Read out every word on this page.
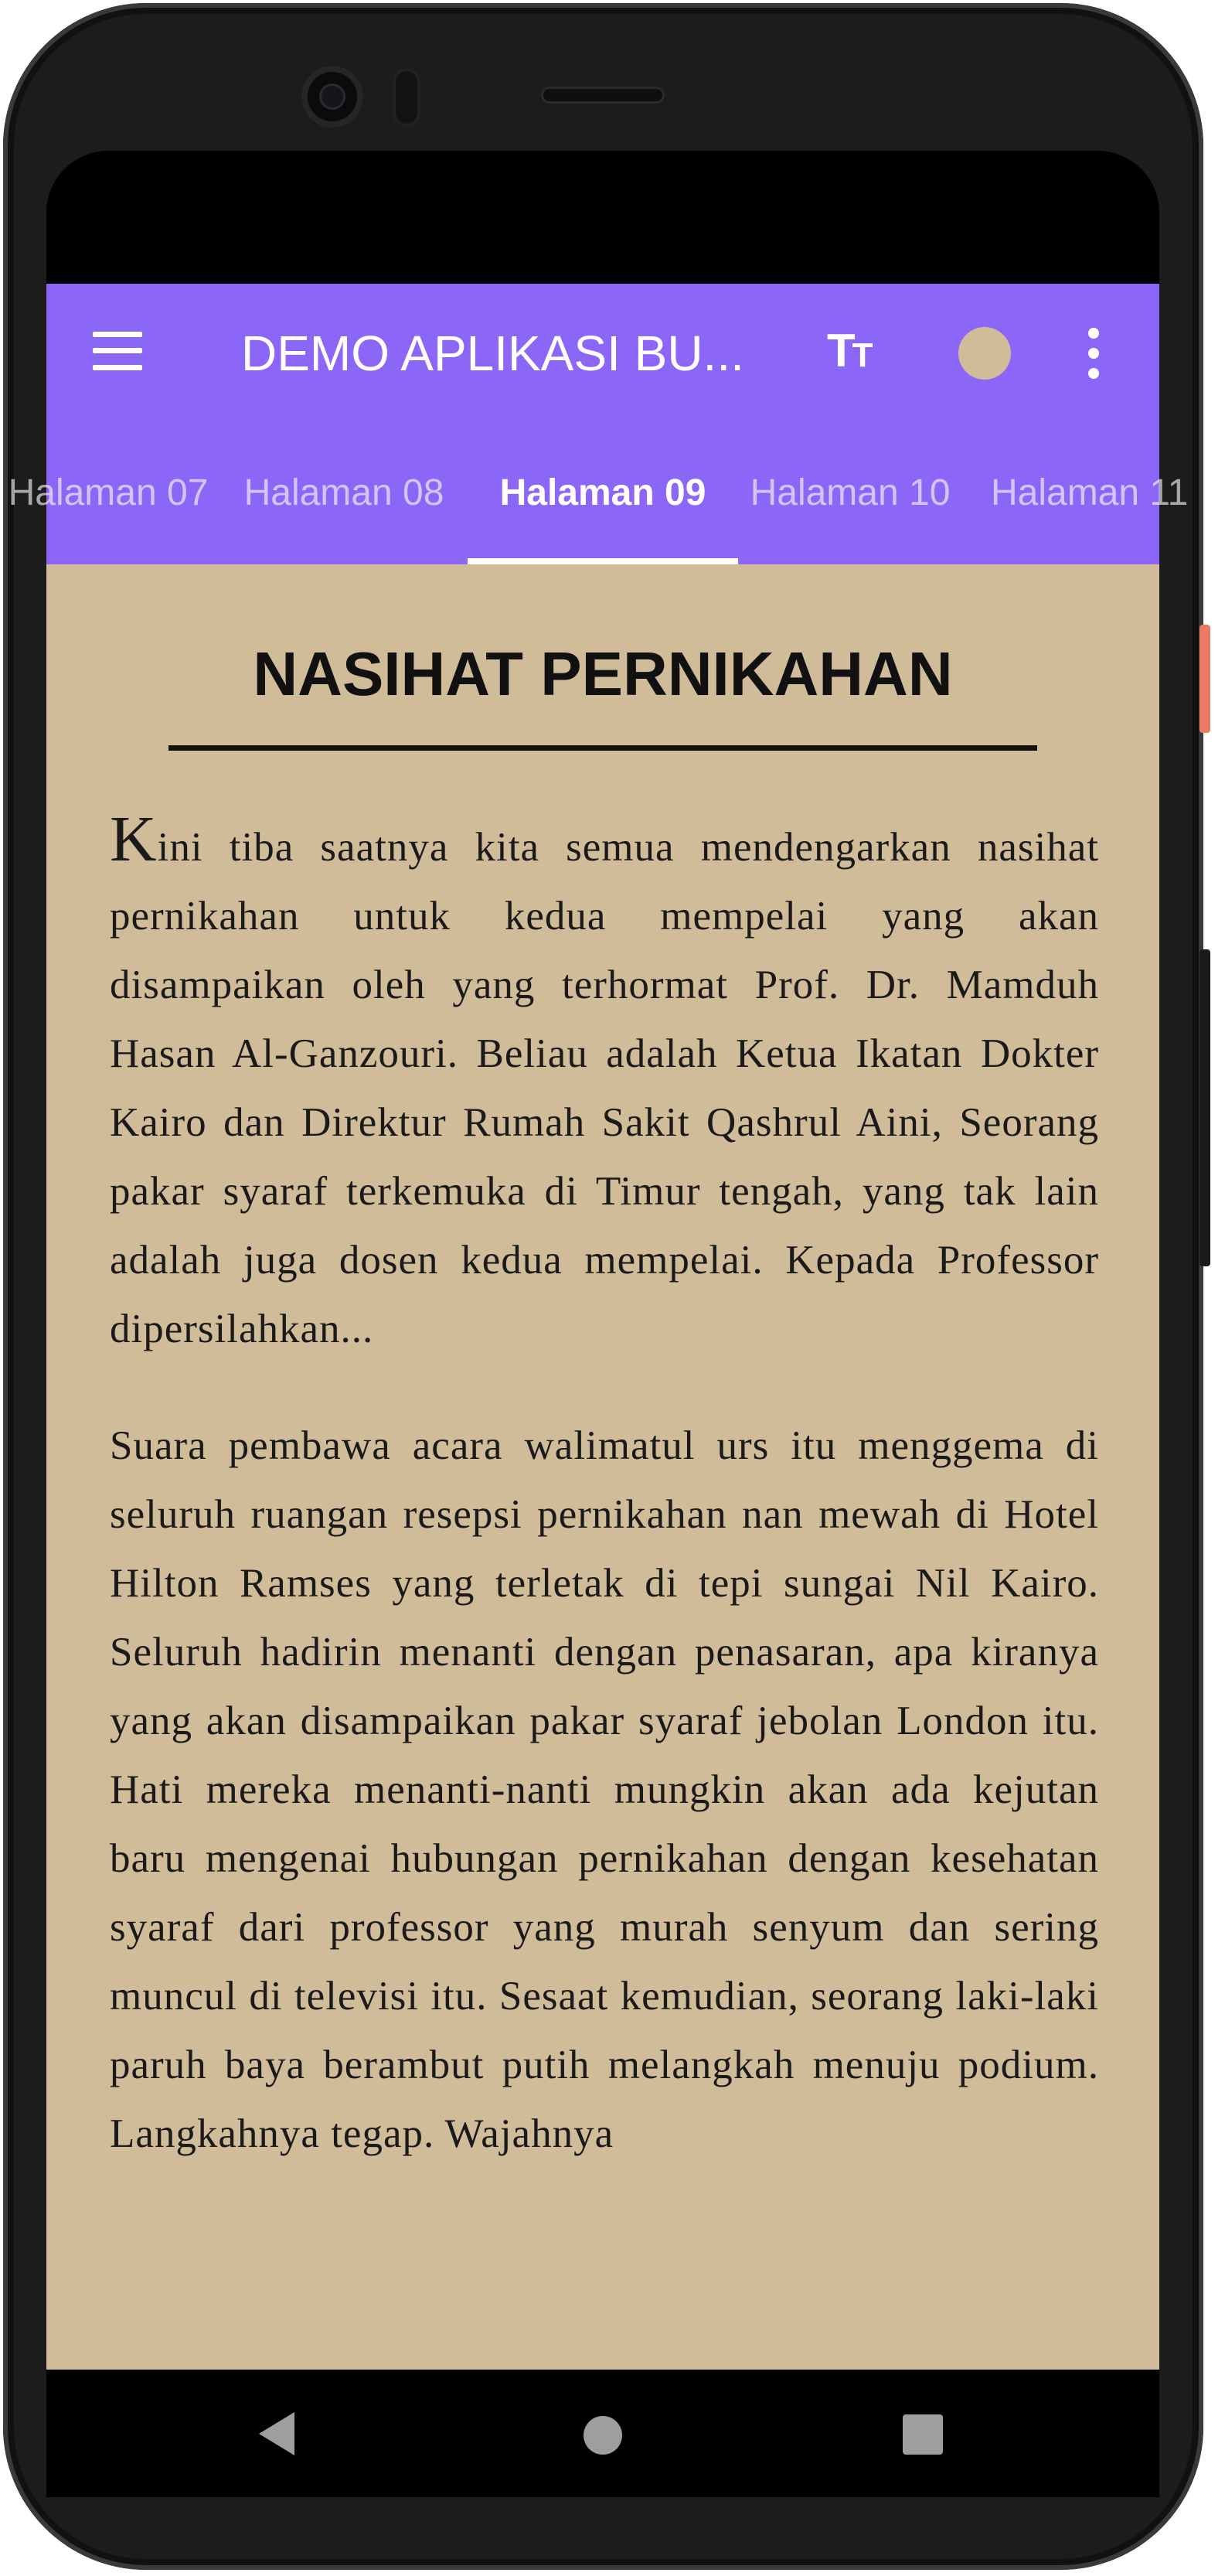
DEMO APLIKASI BU...	TT
Halaman 07 Halaman 08	Halaman 09	Halaman 10	Halaman 11
NASIHAT PERNIKAHAN
Kini tiba saatnya kita semua mendengarkan nasihat pernikahan untuk kedua mempelai yang akan disampaikan oleh yang terhormat Prof. Dr. Mamduh Hasan Al-Ganzouri. Beliau adalah Ketua Ikatan Dokter Kairo dan Direktur Rumah Sakit Qashrul Aini, Seorang pakar syaraf terkemuka di Timur tengah, yang tak lain adalah juga dosen kedua mempelai. Kepada Professor dipersilahkan...
Suara pembawa acara walimatul urs itu menggema di seluruh ruangan resepsi pernikahan nan mewah di Hotel Hilton Ramses yang terletak di tepi sungai Nil Kairo. Seluruh hadirin menanti dengan penasaran, apa kiranya yang akan disampaikan pakar syaraf jebolan London itu. Hati mereka menanti-nanti mungkin akan ada kejutan baru mengenai hubungan pernikahan dengan kesehatan syaraf dari professor yang murah senyum dan sering muncul di televisi itu. Sesaat kemudian, seorang laki-laki paruh baya berambut putih melangkah menuju podium. Langkahnya tegap. Wajahnya
